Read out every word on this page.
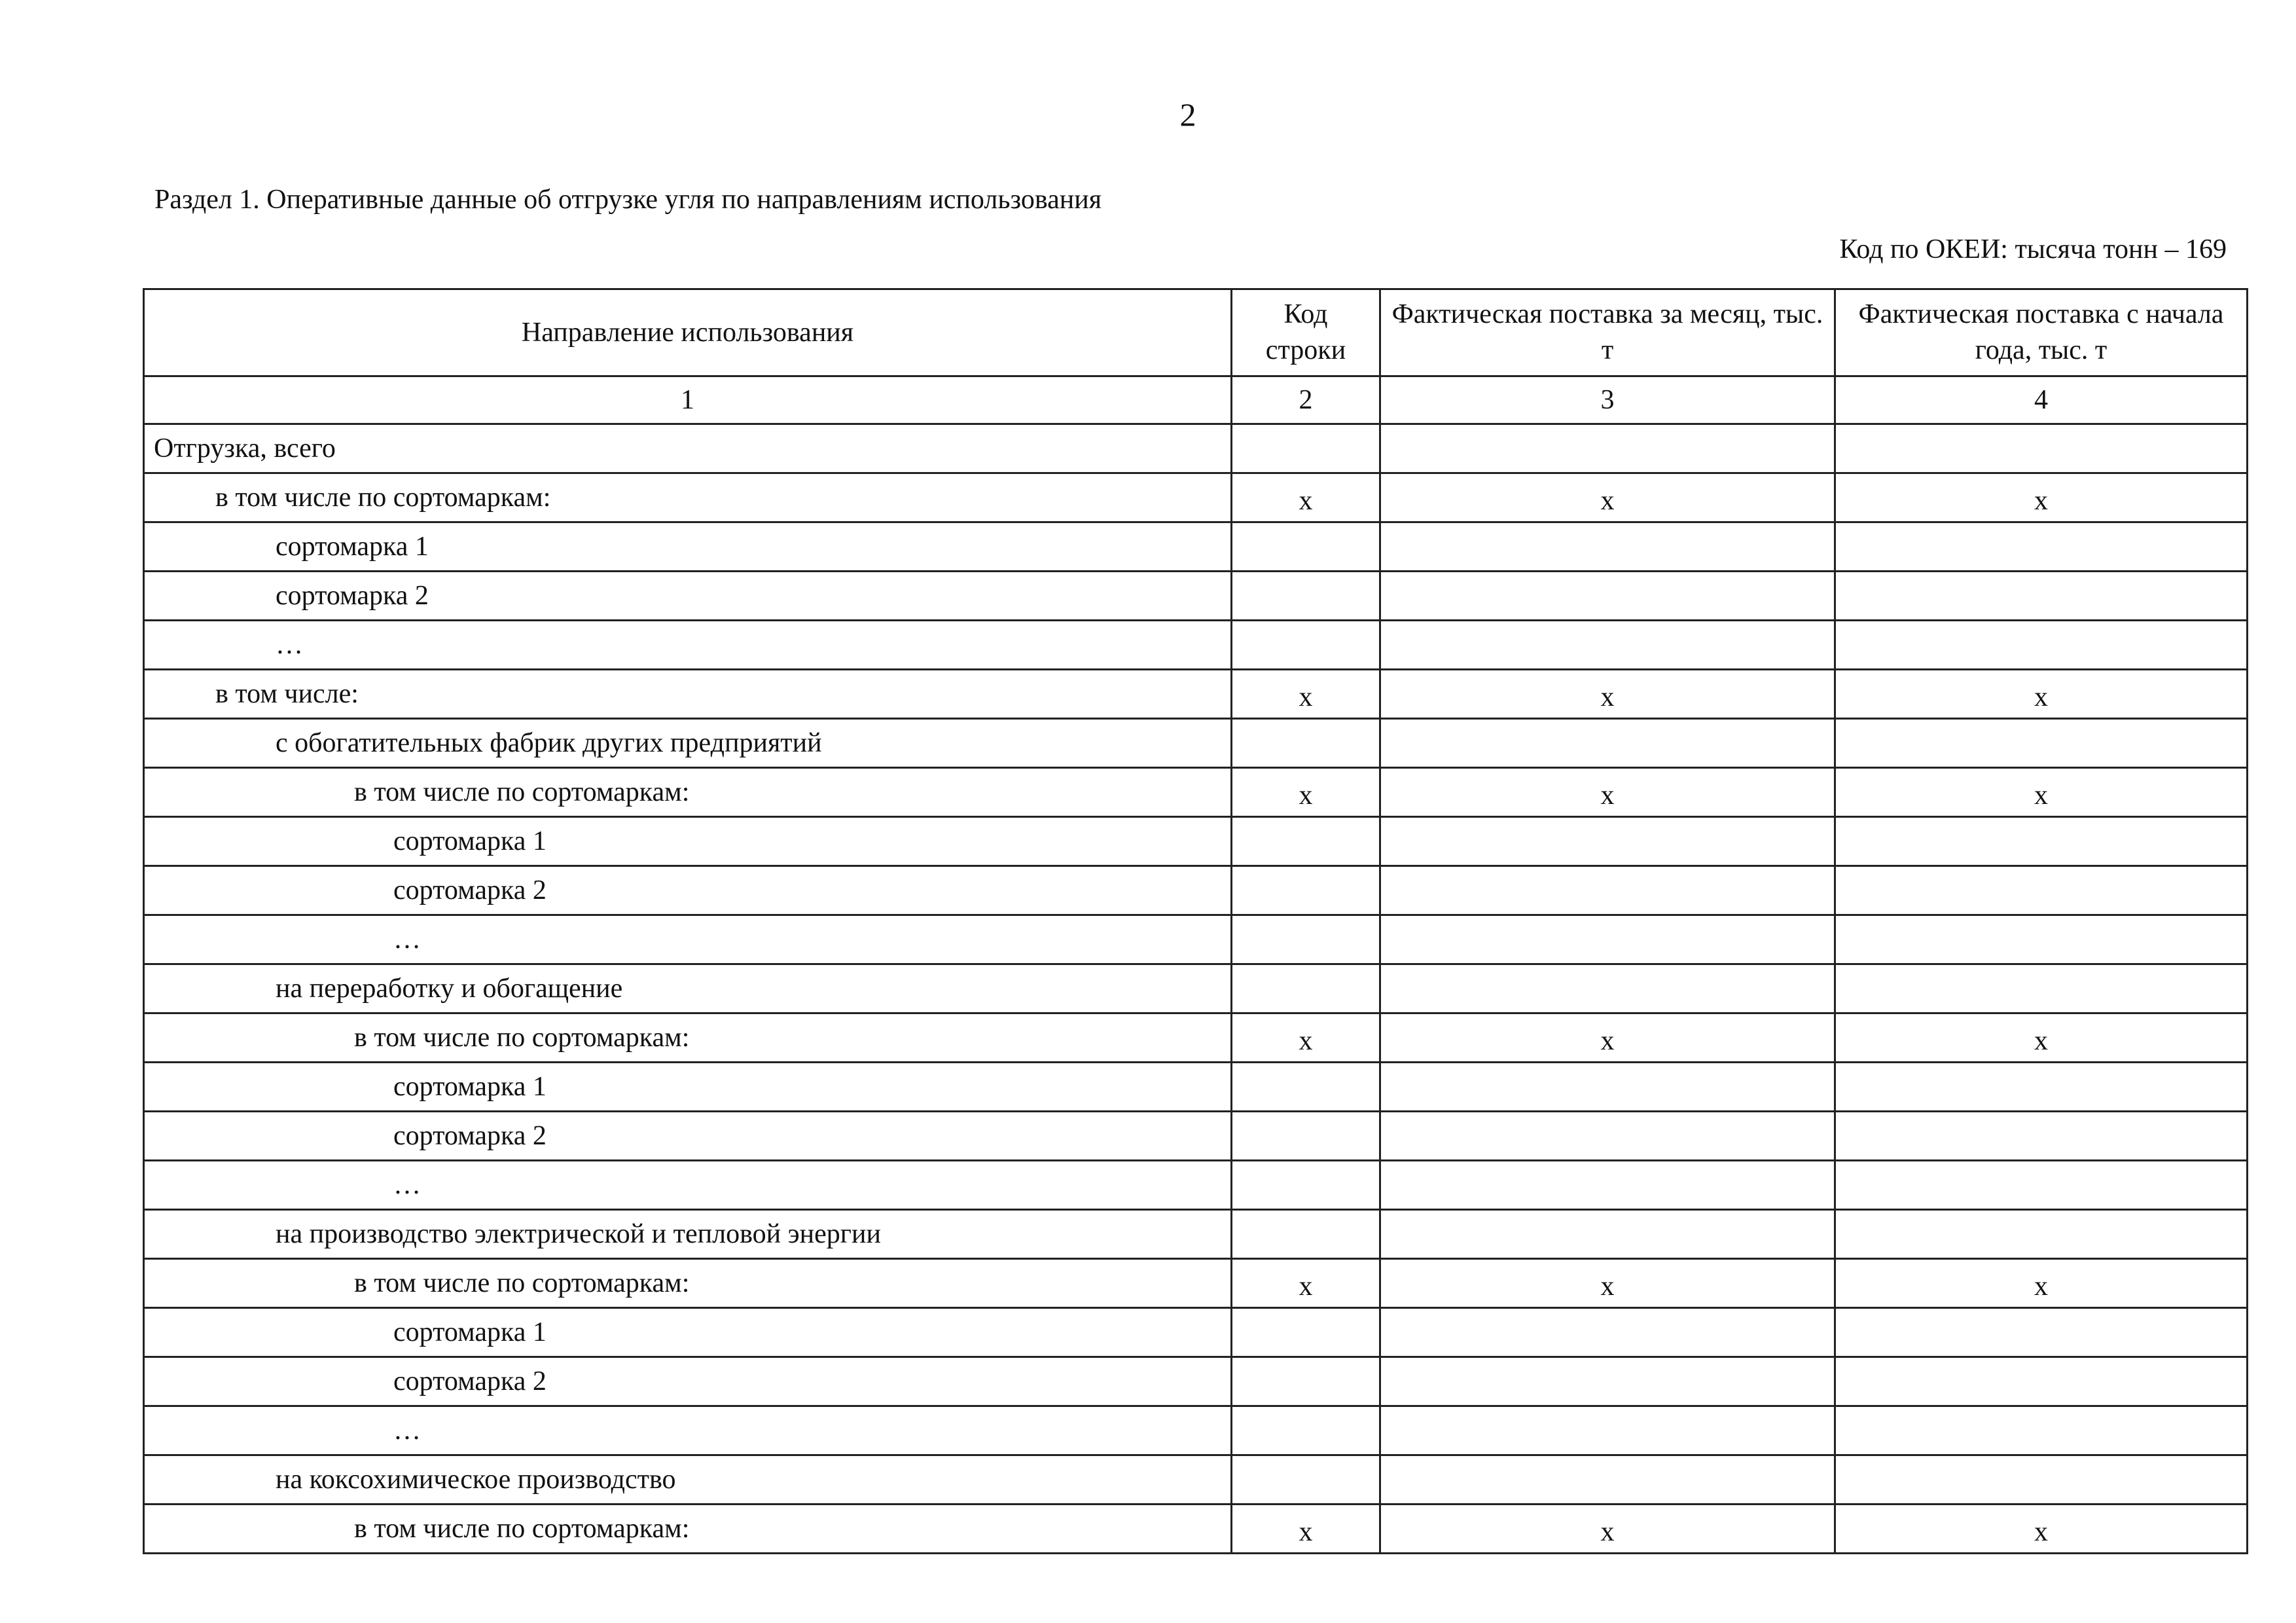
2
Раздел 1. Оперативные данные об отгрузке угля по направлениям использования
Код по ОКЕИ: тысяча тонн – 169
Направление использования	Код строки	Фактическая поставка за месяц, тыс. т	Фактическая поставка с начала года, тыс. т
1	2	3	4
Отгрузка, всего			
в том числе по сортомаркам:	х	х	х
сортомарка 1			
сортомарка 2			
…			
в том числе:	х	х	х
с обогатительных фабрик других предприятий			
в том числе по сортомаркам:	х	х	х
сортомарка 1			
сортомарка 2			
…			
на переработку и обогащение			
в том числе по сортомаркам:	х	х	х
сортомарка 1			
сортомарка 2			
…			
на производство электрической и тепловой энергии			
в том числе по сортомаркам:	х	х	х
сортомарка 1			
сортомарка 2			
…			
на коксохимическое производство			
в том числе по сортомаркам:	х	х	х
